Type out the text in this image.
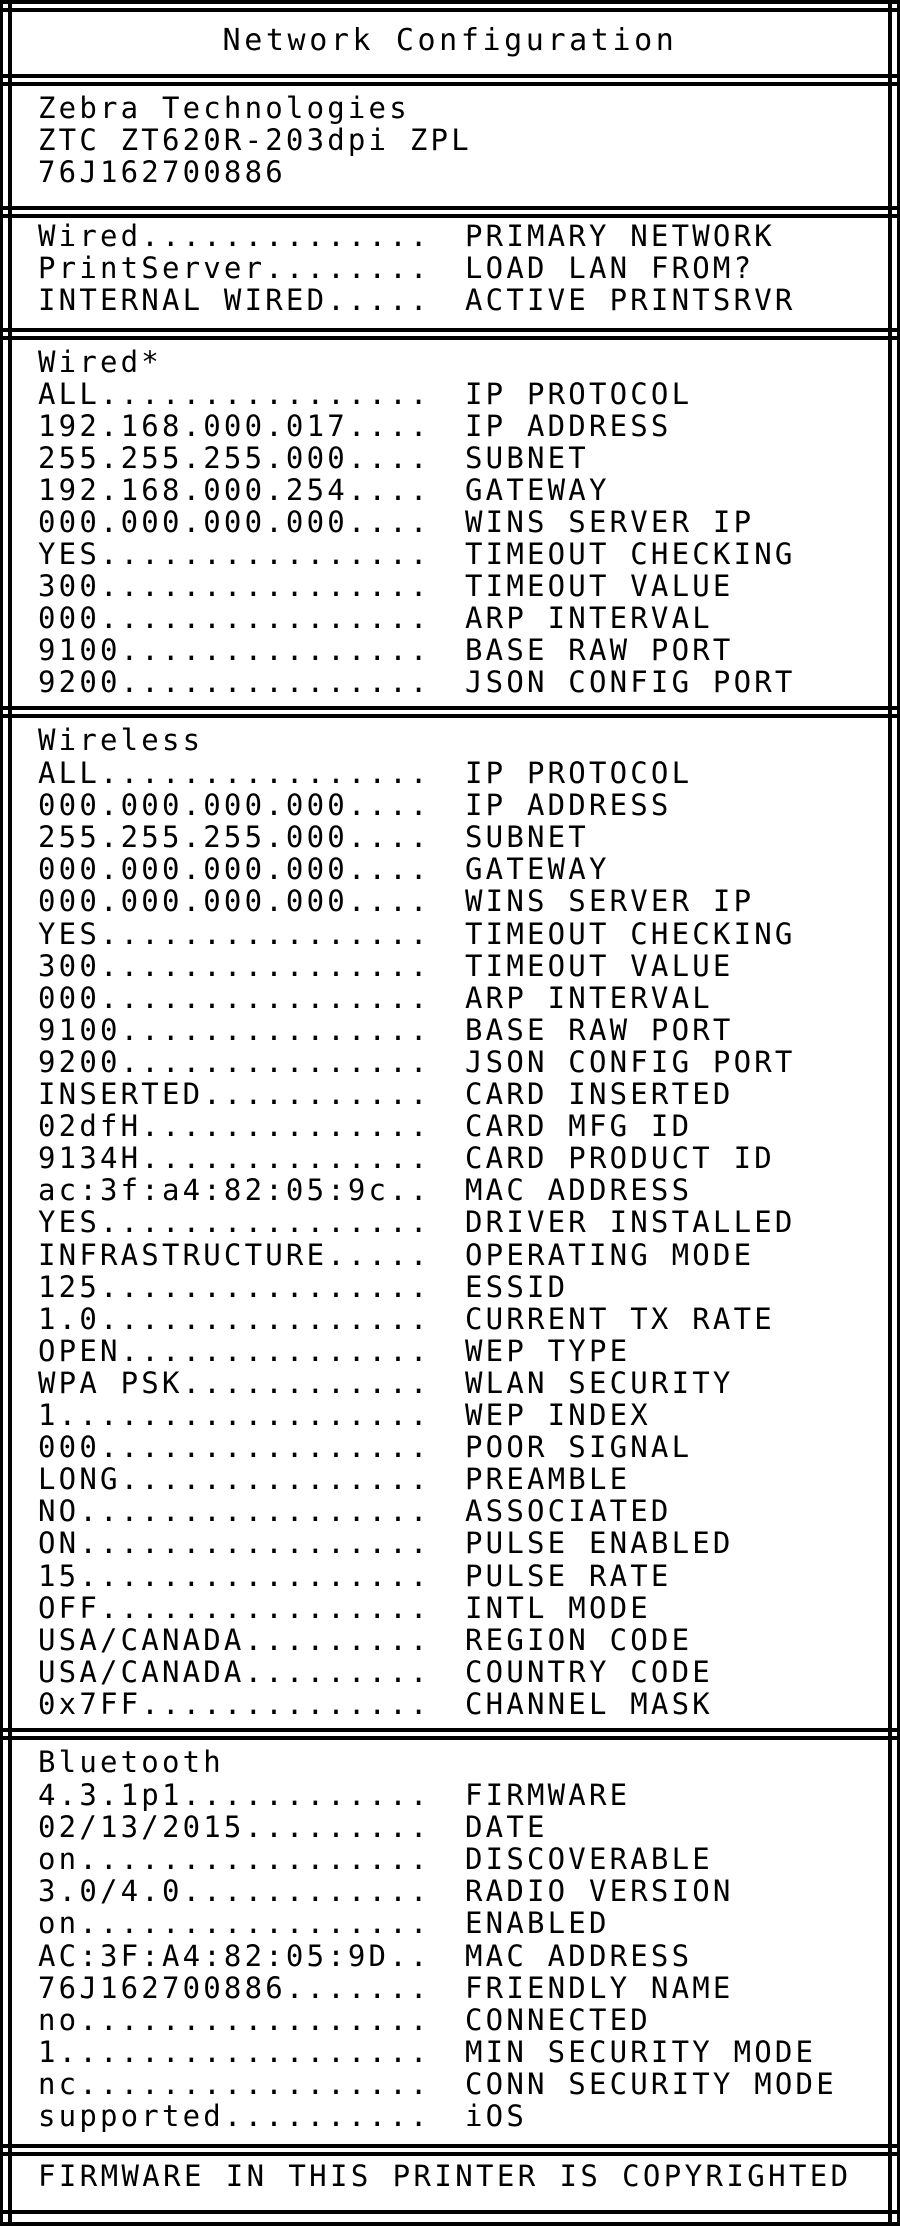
Network Configuration
Zebra Technologies
ZTC ZT620R-203dpi ZPL
76J162700886
Wired.............. PRIMARY NETWORK
PrintServer........ LOAD LAN FROM?
INTERNAL WIRED..... ACTIVE PRINTSRVR
Wired*
ALL................ IP PROTOCOL
192.168.000.017.... IP ADDRESS
255.255.255.000.... SUBNET
192.168.000.254.... GATEWAY
000.000.000.000.... WINS SERVER IP
YES................ TIMEOUT CHECKING
300................ TIMEOUT VALUE
000................ ARP INTERVAL
9100............... BASE RAW PORT
9200............... JSON CONFIG PORT
Wireless
ALL................ IP PROTOCOL
000.000.000.000.... IP ADDRESS
255.255.255.000.... SUBNET
000.000.000.000.... GATEWAY
000.000.000.000.... WINS SERVER IP
YES................ TIMEOUT CHECKING
300................ TIMEOUT VALUE
000................ ARP INTERVAL
9100............... BASE RAW PORT
9200............... JSON CONFIG PORT
INSERTED........... CARD INSERTED
02dfH.............. CARD MFG ID
9134H.............. CARD PRODUCT ID
ac:3f:a4:82:05:9c.. MAC ADDRESS
YES................ DRIVER INSTALLED
INFRASTRUCTURE..... OPERATING MODE
125................ ESSID
1.0................ CURRENT TX RATE
OPEN............... WEP TYPE
WPA PSK............ WLAN SECURITY
1.................. WEP INDEX
000................ POOR SIGNAL
LONG............... PREAMBLE
NO................. ASSOCIATED
ON................. PULSE ENABLED
15................. PULSE RATE
OFF................ INTL MODE
USA/CANADA......... REGION CODE
USA/CANADA......... COUNTRY CODE
0x7FF.............. CHANNEL MASK
Bluetooth
4.3.1p1............ FIRMWARE
02/13/2015......... DATE
on................. DISCOVERABLE
3.0/4.0............ RADIO VERSION
on................. ENABLED
AC:3F:A4:82:05:9D.. MAC ADDRESS
76J162700886....... FRIENDLY NAME
no................. CONNECTED
1.................. MIN SECURITY MODE
nc................. CONN SECURITY MODE
supported.......... iOS
FIRMWARE IN THIS PRINTER IS COPYRIGHTED
